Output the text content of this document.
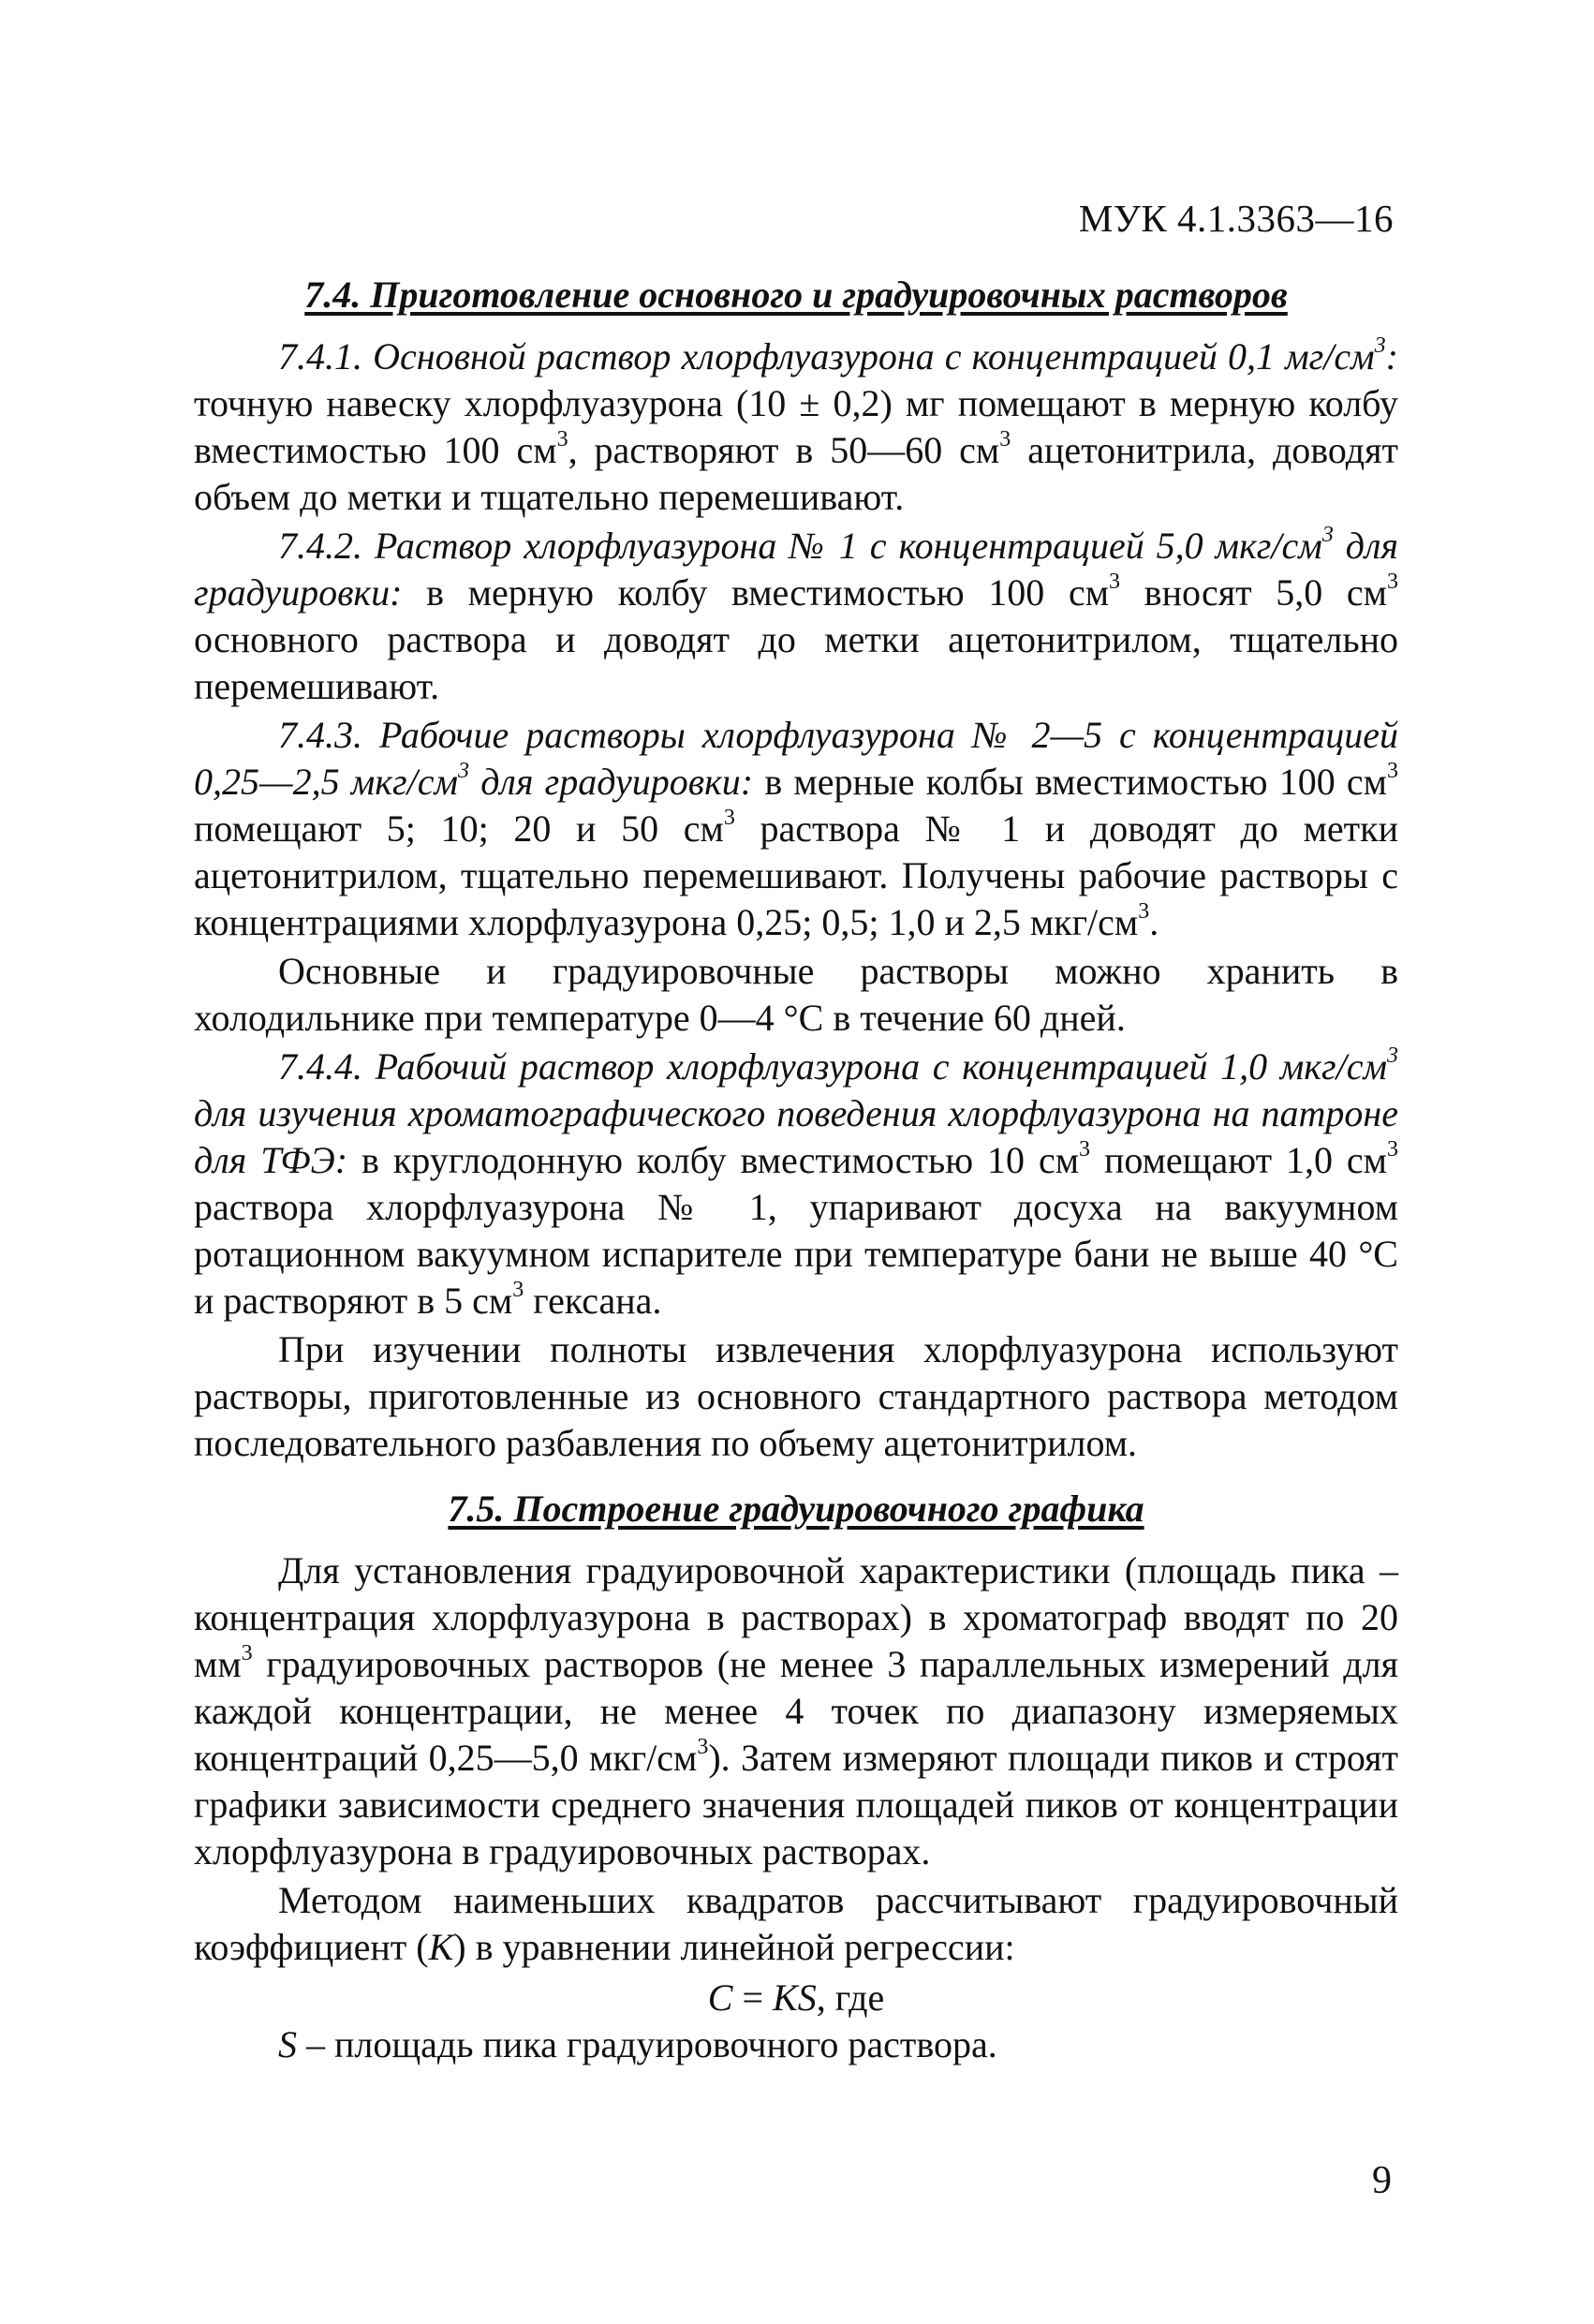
МУК 4.1.3363—16
7.4. Приготовление основного и градуировочных растворов

7.4.1. Основной раствор хлорфлуазурона с концентрацией 0,1 $мг/см^3$: точную навеску хлорфлуазурона (10 ± 0,2) мг помещают в мерную колбу вместимостью 100 $см^3$, растворяют в 50—60 $см^3$ ацетонитрила, доводят объем до метки и тщательно перемешивают.

7.4.2. Раствор хлорфлуазурона № 1 с концентрацией 5,0 мкг/$см^3$ для градуировки: в мерную колбу вместимостью 100 $см^3$ вносят 5,0 $см^3$ основного раствора и доводят до метки ацетонитрилом, тщательно перемешивают.

7.4.3. Рабочие растворы хлорфлуазурона № 2—5 с концентрацией 0,25—2,5 мкг/$см^3$ для градуировки: в мерные колбы вместимостью 100 $см^3$ помещают 5; 10; 20 и 50 $см^3$ раствора № 1 и доводят до метки ацетонитрилом, тщательно перемешивают. Получены рабочие растворы с концентрациями хлорфлуазурона 0,25; 0,5; 1,0 и 2,5 мкг/$см^3$.

Основные и градуировочные растворы можно хранить в холодильнике при температуре 0—4 °С в течение 60 дней.

7.4.4. Рабочий раствор хлорфлуазурона с концентрацией 1,0 мкг/$см^3$ для изучения хроматографического поведения хлорфлуазурона на патроне для ТФЭ: в круглодонную колбу вместимостью 10 $см^3$ помещают 1,0 $см^3$ раствора хлорфлуазурона № 1, упаривают досуха на вакуумном ротационном вакуумном испарителе при температуре бани не выше 40 °С и растворяют в 5 $см^3$ гексана.

При изучении полноты извлечения хлорфлуазурона используют растворы, приготовленные из основного стандартного раствора методом последовательного разбавления по объему ацетонитрилом.

7.5. Построение градуировочного графика

Для установления градуировочной характеристики (площадь пика – концентрация хлорфлуазурона в растворах) в хроматограф вводят по 20 $мм^3$ градуировочных растворов (не менее 3 параллельных измерений для каждой концентрации, не менее 4 точек по диапазону измеряемых концентраций 0,25—5,0 мкг/$см^3$). Затем измеряют площади пиков и строят графики зависимости среднего значения площадей пиков от концентрации хлорфлуазурона в градуировочных растворах.

Методом наименьших квадратов рассчитывают градуировочный коэффициент (K) в уравнении линейной регрессии:

C = KS, где

S – площадь пика градуировочного раствора.

9
